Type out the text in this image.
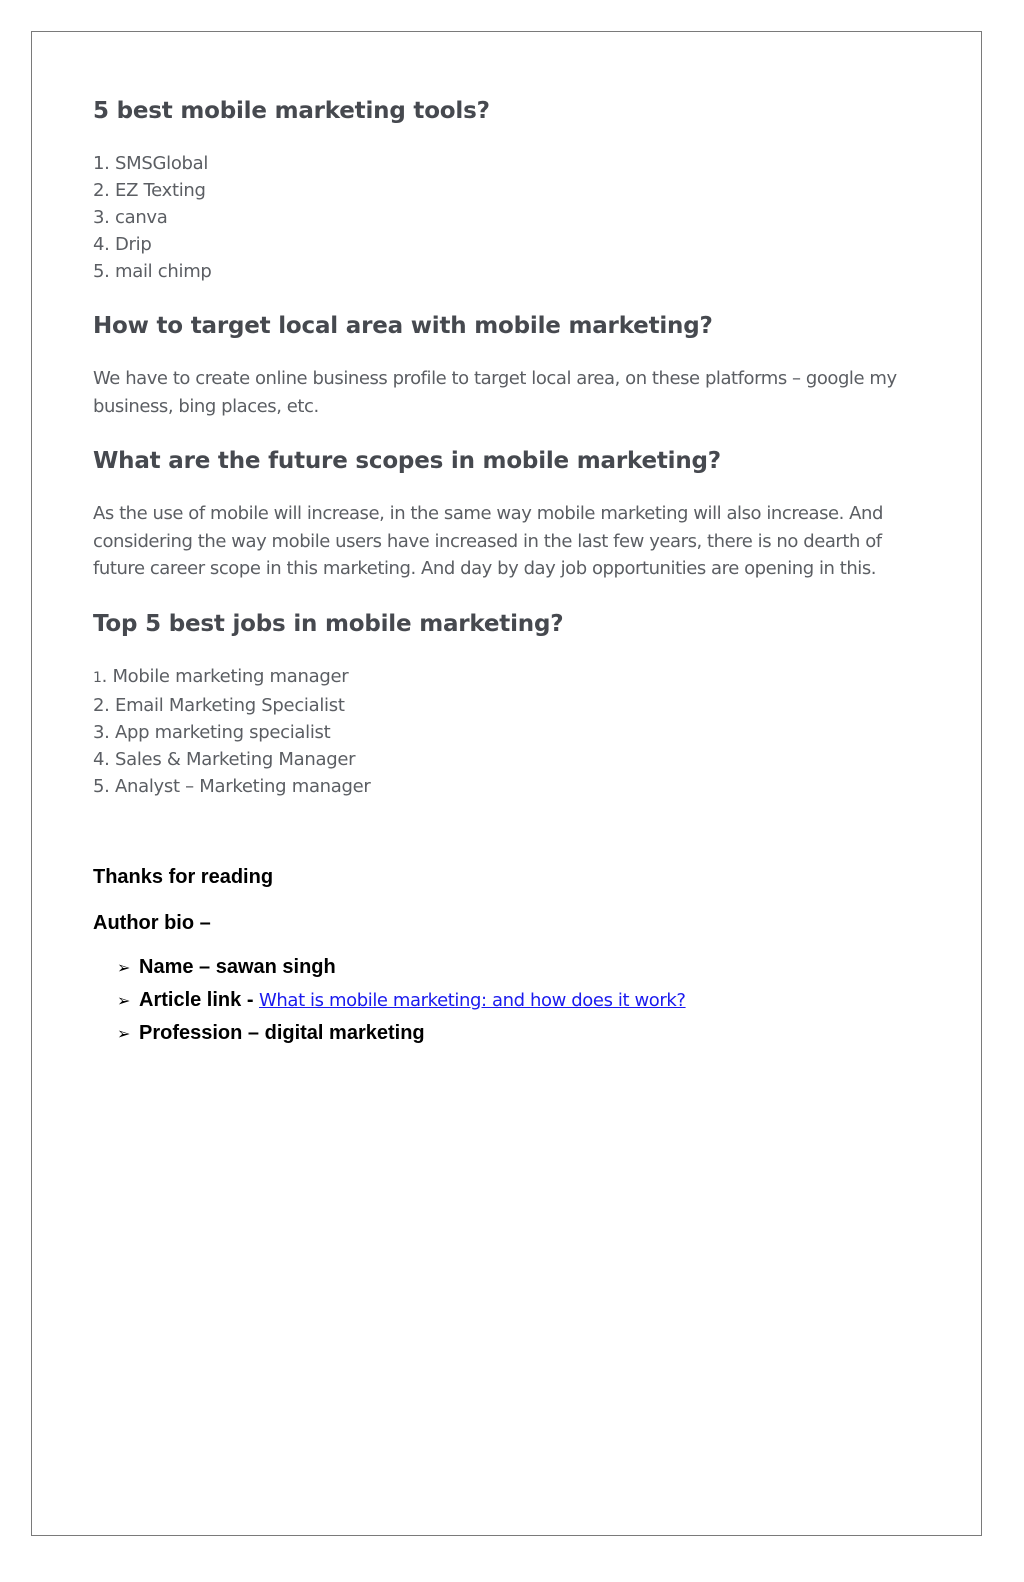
5 best mobile marketing tools?
1. SMSGlobal
2. EZ Texting
3. canva
4. Drip
5. mail chimp
How to target local area with mobile marketing?

We have to create online business profile to target local area, on these platforms – google my business, bing places, etc.

What are the future scopes in mobile marketing?

As the use of mobile will increase, in the same way mobile marketing will also increase. And considering the way mobile users have increased in the last few years, there is no dearth of future career scope in this marketing. And day by day job opportunities are opening in this.

Top 5 best jobs in mobile marketing?
1. Mobile marketing manager
2. Email Marketing Specialist
3. App marketing specialist
4. Sales & Marketing Manager
5. Analyst – Marketing manager

Thanks for reading

Author bio –

➢ Name – sawan singh
➢ Article link - What is mobile marketing: and how does it work?
➢ Profession – digital marketing
